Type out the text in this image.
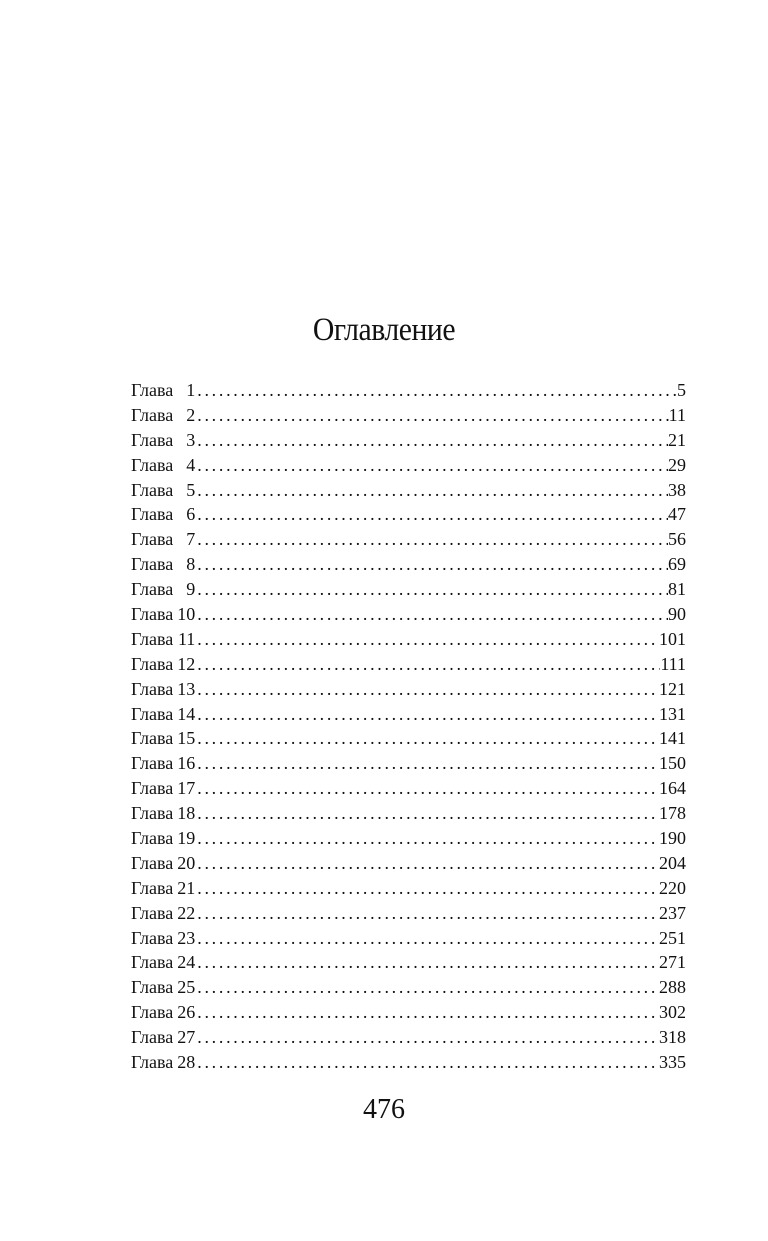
Оглавление
Глава 1 . . .	5
Глава 2 . . .	11
Глава 3 . . .	21
Глава 4 . . .	29
Глава 5 . . .	38
Глава 6 . . .	47
Глава 7 . . .	56
Глава 8 . . .	69
Глава 9 . . .	81
Глава 10 . . .	90
Глава 11 . . .	101
Глава 12 . . .	111
Глава 13 . . .	121
Глава 14 . . .	131
Глава 15 . . .	141
Глава 16 . . .	150
Глава 17 . . .	164
Глава 18 . . .	178
Глава 19 . . .	190
Глава 20 . . .	204
Глава 21 . . .	220
Глава 22 . . .	237
Глава 23 . . .	251
Глава 24 . . .	271
Глава 25 . . .	288
Глава 26 . . .	302
Глава 27 . . .	318
Глава 28 . . .	335
476
